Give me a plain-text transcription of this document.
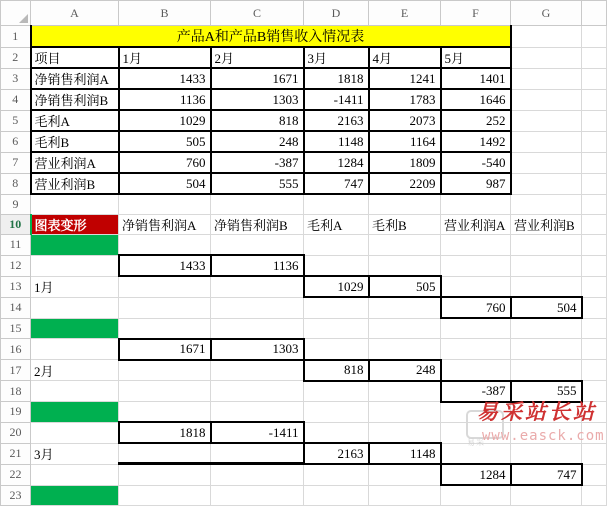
	A	B	C	D	E	F	G	
1	产品A和产品B销售收入情况表							
2	项目	1月	2月	3月	4月	5月		
3	净销售利润A	1433	1671	1818	1241	1401		
4	净销售利润B	1136	1303	-1411	1783	1646		
5	毛利A	1029	818	2163	2073	252		
6	毛利B	505	248	1148	1164	1492		
7	营业利润A	760	-387	1284	1809	-540		
8	营业利润B	504	555	747	2209	987		
9								
10	图表变形	净销售利润A	净销售利润B	毛利A	毛利B	营业利润A	营业利润B	
11								
12		1433	1136					
13	1月			1029	505			
14						760	504	
15								
16		1671	1303					
17	2月			818	248			
18						-387	555	
19								
20		1818	-1411					
21	3月			2163	1148			
22						1284	747	
23								
易采
易采站长站
www.easck.com
